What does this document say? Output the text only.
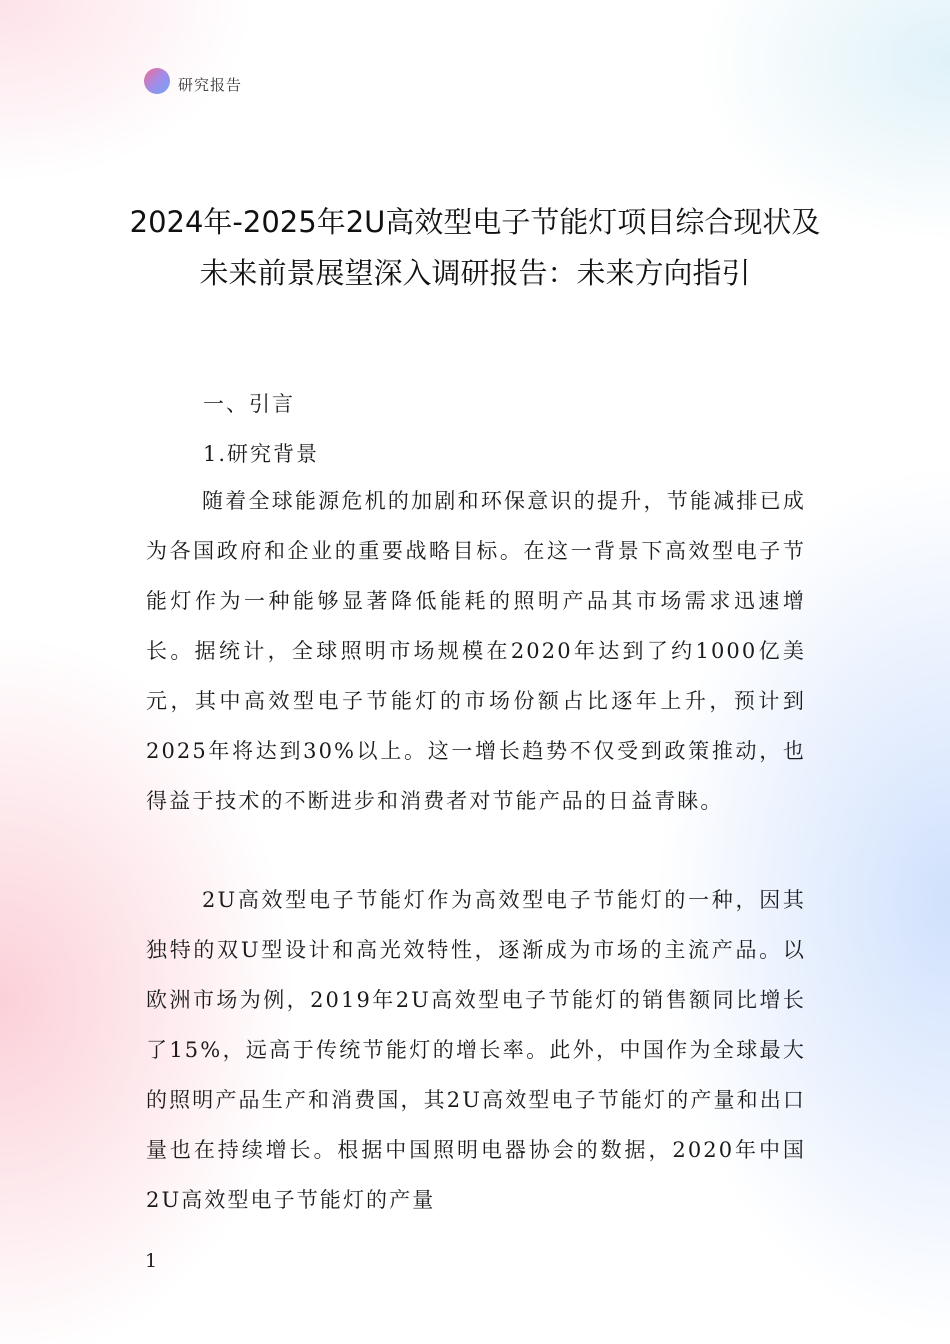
研究报告
2024年-2025年2U高效型电子节能灯项目综合现状及未来前景展望深入调研报告：未来方向指引
一、引言
1.研究背景

随着全球能源危机的加剧和环保意识的提升，节能减排已成为各国政府和企业的重要战略目标。在这一背景下高效型电子节能灯作为一种能够显著降低能耗的照明产品其市场需求迅速增长。据统计，全球照明市场规模在2020年达到了约1000亿美元，其中高效型电子节能灯的市场份额占比逐年上升，预计到2025年将达到30%以上。这一增长趋势不仅受到政策推动，也得益于技术的不断进步和消费者对节能产品的日益青睐。

2U高效型电子节能灯作为高效型电子节能灯的一种，因其独特的双U型设计和高光效特性，逐渐成为市场的主流产品。以欧洲市场为例，2019年2U高效型电子节能灯的销售额同比增长了15%，远高于传统节能灯的增长率。此外，中国作为全球最大的照明产品生产和消费国，其2U高效型电子节能灯的产量和出口量也在持续增长。根据中国照明电器协会的数据，2020年中国2U高效型电子节能灯的产量

1
